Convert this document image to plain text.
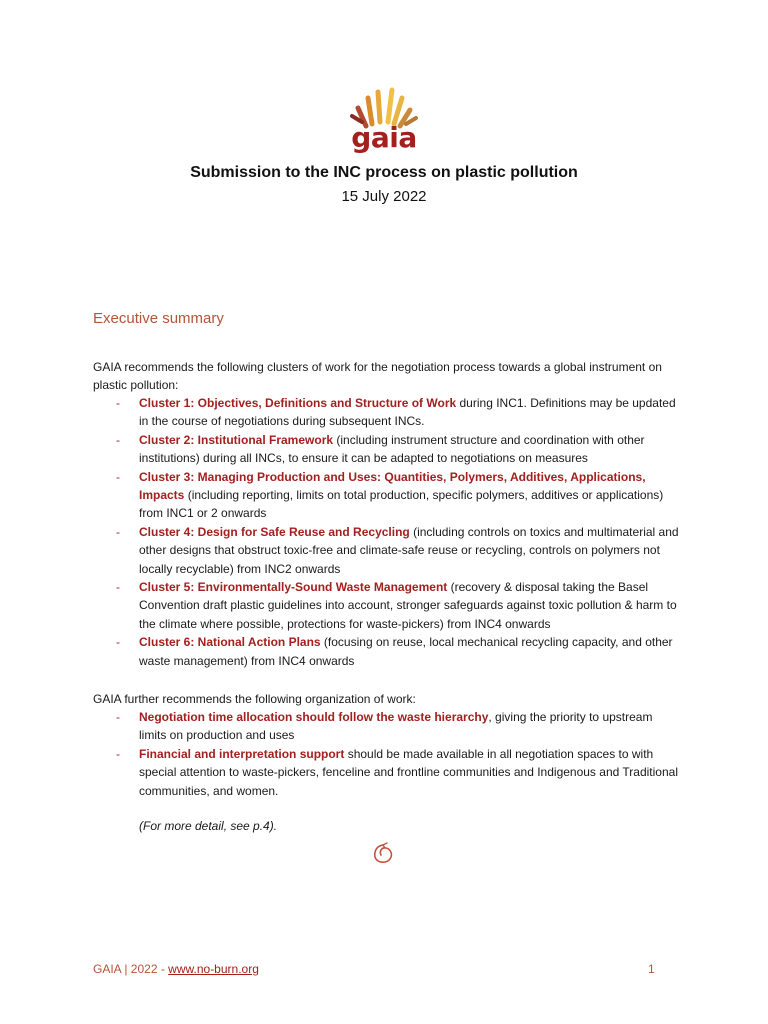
gaia
Submission to the INC process on plastic pollution
15 July 2022
Executive summary
GAIA recommends the following clusters of work for the negotiation process towards a global instrument on plastic pollution:
- Cluster 1: Objectives, Definitions and Structure of Work during INC1. Definitions may be updated in the course of negotiations during subsequent INCs.
- Cluster 2: Institutional Framework (including instrument structure and coordination with other institutions) during all INCs, to ensure it can be adapted to negotiations on measures
- Cluster 3: Managing Production and Uses: Quantities, Polymers, Additives, Applications, Impacts (including reporting, limits on total production, specific polymers, additives or applications) from INC1 or 2 onwards
- Cluster 4: Design for Safe Reuse and Recycling (including controls on toxics and multimaterial and other designs that obstruct toxic-free and climate-safe reuse or recycling, controls on polymers not locally recyclable) from INC2 onwards
- Cluster 5: Environmentally-Sound Waste Management (recovery & disposal taking the Basel Convention draft plastic guidelines into account, stronger safeguards against toxic pollution & harm to the climate where possible, protections for waste-pickers) from INC4 onwards
- Cluster 6: National Action Plans (focusing on reuse, local mechanical recycling capacity, and other waste management) from INC4 onwards
GAIA further recommends the following organization of work:
- Negotiation time allocation should follow the waste hierarchy, giving the priority to upstream limits on production and uses
- Financial and interpretation support should be made available in all negotiation spaces to with special attention to waste-pickers, fenceline and frontline communities and Indigenous and Traditional communities, and women.
(For more detail, see p.4).
GAIA | 2022 - www.no-burn.org	1
